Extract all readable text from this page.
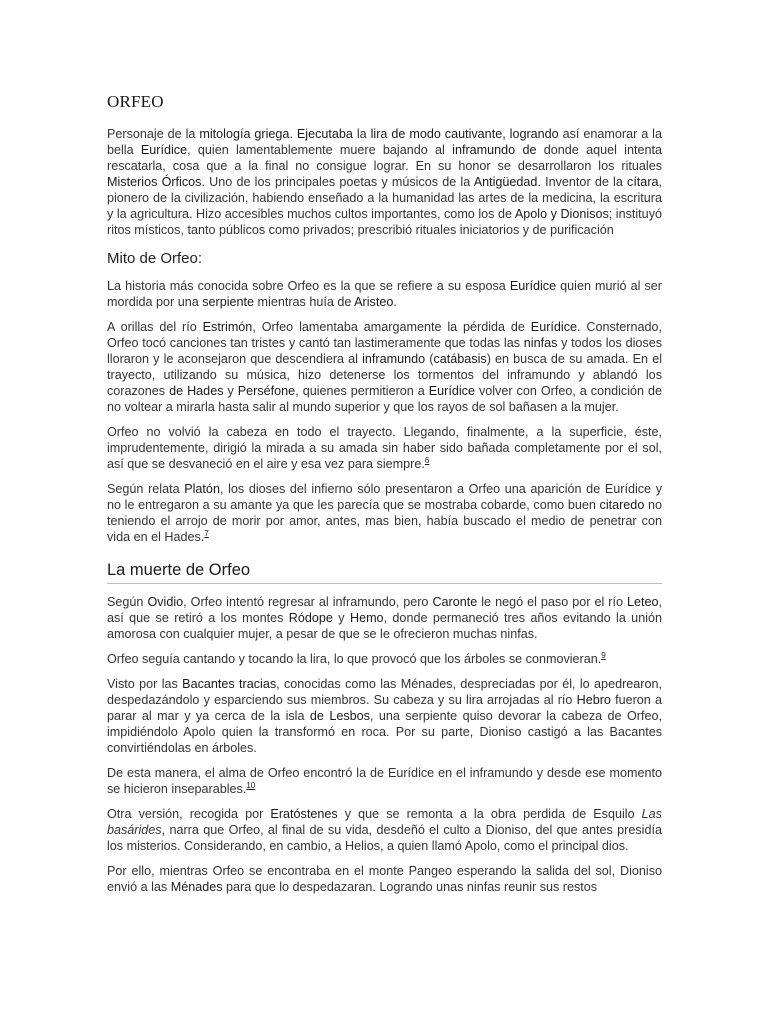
ORFEO

Personaje de la mitología griega. Ejecutaba la lira de modo cautivante, logrando así enamorar a la bella Eurídice, quien lamentablemente muere bajando al inframundo de donde aquel intenta rescatarla, cosa que a la final no consigue lograr. En su honor se desarrollaron los rituales Misterios Órficos. Uno de los principales poetas y músicos de la Antigüedad. Inventor de la cítara, pionero de la civilización, habiendo enseñado a la humanidad las artes de la medicina, la escritura y la agricultura. Hizo accesibles muchos cultos importantes, como los de Apolo y Dionisos; instituyó ritos místicos, tanto públicos como privados; prescribió rituales iniciatorios y de purificación

Mito de Orfeo:

La historia más conocida sobre Orfeo es la que se refiere a su esposa Eurídice quien murió al ser mordida por una serpiente mientras huía de Aristeo.

A orillas del río Estrimón, Orfeo lamentaba amargamente la pérdida de Eurídice. Consternado, Orfeo tocó canciones tan tristes y cantó tan lastimeramente que todas las ninfas y todos los dioses lloraron y le aconsejaron que descendiera al inframundo (catábasis) en busca de su amada. En el trayecto, utilizando su música, hizo detenerse los tormentos del inframundo y ablandó los corazones de Hades y Perséfone, quienes permitieron a Eurídice volver con Orfeo, a condición de no voltear a mirarla hasta salir al mundo superior y que los rayos de sol bañasen a la mujer.

Orfeo no volvió la cabeza en todo el trayecto. Llegando, finalmente, a la superficie, éste, imprudentemente, dirigió la mirada a su amada sin haber sido bañada completamente por el sol, así que se desvaneció en el aire y esa vez para siempre.$^6$

Según relata Platón, los dioses del infierno sólo presentaron a Orfeo una aparición de Eurídice y no le entregaron a su amante ya que les parecía que se mostraba cobarde, como buen citaredo no teniendo el arrojo de morir por amor, antes, mas bien, había buscado el medio de penetrar con vida en el Hades.$^7$

La muerte de Orfeo

Según Ovidio, Orfeo intentó regresar al inframundo, pero Caronte le negó el paso por el río Leteo, así que se retiró a los montes Ródope y Hemo, donde permaneció tres años evitando la unión amorosa con cualquier mujer, a pesar de que se le ofrecieron muchas ninfas.

Orfeo seguía cantando y tocando la lira, lo que provocó que los árboles se conmovieran.$^9$

Visto por las Bacantes tracias, conocidas como las Ménades, despreciadas por él, lo apedrearon, despedazándolo y esparciendo sus miembros. Su cabeza y su lira arrojadas al río Hebro fueron a parar al mar y ya cerca de la isla de Lesbos, una serpiente quiso devorar la cabeza de Orfeo, impidiéndolo Apolo quien la transformó en roca. Por su parte, Dioniso castigó a las Bacantes convirtiéndolas en árboles.

De esta manera, el alma de Orfeo encontró la de Eurídice en el inframundo y desde ese momento se hicieron inseparables.$^{10}$

Otra versión, recogida por Eratóstenes y que se remonta a la obra perdida de Esquilo Las basárides, narra que Orfeo, al final de su vida, desdeñó el culto a Dioniso, del que antes presidía los misterios. Considerando, en cambio, a Helios, a quien llamó Apolo, como el principal dios.

Por ello, mientras Orfeo se encontraba en el monte Pangeo esperando la salida del sol, Dioniso envió a las Ménades para que lo despedazaran. Logrando unas ninfas reunir sus restos
